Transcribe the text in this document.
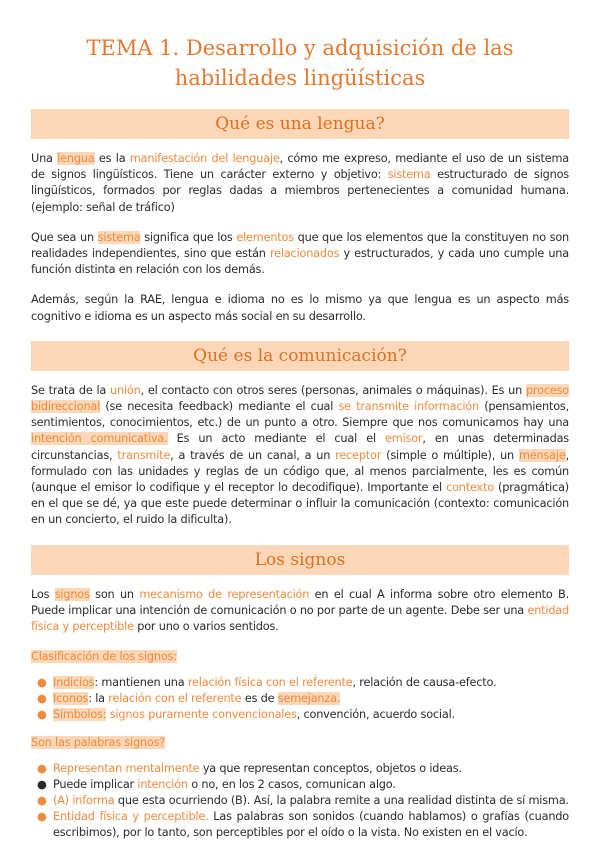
TEMA 1. Desarrollo y adquisición de las
habilidades lingüísticas
Qué es una lengua?

Una lengua es la manifestación del lenguaje, cómo me expreso, mediante el uso de un sistema de signos lingüísticos. Tiene un carácter externo y objetivo: sistema estructurado de signos lingüísticos, formados por reglas dadas a miembros pertenecientes a comunidad humana. (ejemplo: señal de tráfico)

Que sea un sistema significa que los elementos que que los elementos que la constituyen no son realidades independientes, sino que están relacionados y estructurados, y cada uno cumple una función distinta en relación con los demás.

Además, según la RAE, lengua e idioma no es lo mismo ya que lengua es un aspecto más cognitivo e idioma es un aspecto más social en su desarrollo.

Qué es la comunicación?

Se trata de la unión, el contacto con otros seres (personas, animales o máquinas). Es un proceso bidireccional (se necesita feedback) mediante el cual se transmite información (pensamientos, sentimientos, conocimientos, etc.) de un punto a otro. Siempre que nos comunicamos hay una intención comunicativa. Es un acto mediante el cual el emisor, en unas determinadas circunstancias, transmite, a través de un canal, a un receptor (simple o múltiple), un mensaje, formulado con las unidades y reglas de un código que, al menos parcialmente, les es común (aunque el emisor lo codifique y el receptor lo decodifique). Importante el contexto (pragmática) en el que se dé, ya que este puede determinar o influir la comunicación (contexto: comunicación en un concierto, el ruido la dificulta).

Los signos

Los signos son un mecanismo de representación en el cual A informa sobre otro elemento B. Puede implicar una intención de comunicación o no por parte de un agente. Debe ser una entidad física y perceptible por uno o varios sentidos.

Clasificación de los signos:

● Indicios: mantienen una relación física con el referente, relación de causa-efecto.
● Iconos: la relación con el referente es de semejanza.
● Símbolos: signos puramente convencionales, convención, acuerdo social.

Son las palabras signos?

● Representan mentalmente ya que representan conceptos, objetos o ideas.
● Puede implicar intención o no, en los 2 casos, comunican algo.
● (A) informa que esta ocurriendo (B). Así, la palabra remite a una realidad distinta de sí misma.
● Entidad física y perceptible. Las palabras son sonidos (cuando hablamos) o grafías (cuando escribimos), por lo tanto, son perceptibles por el oído o la vista. No existen en el vacío.
